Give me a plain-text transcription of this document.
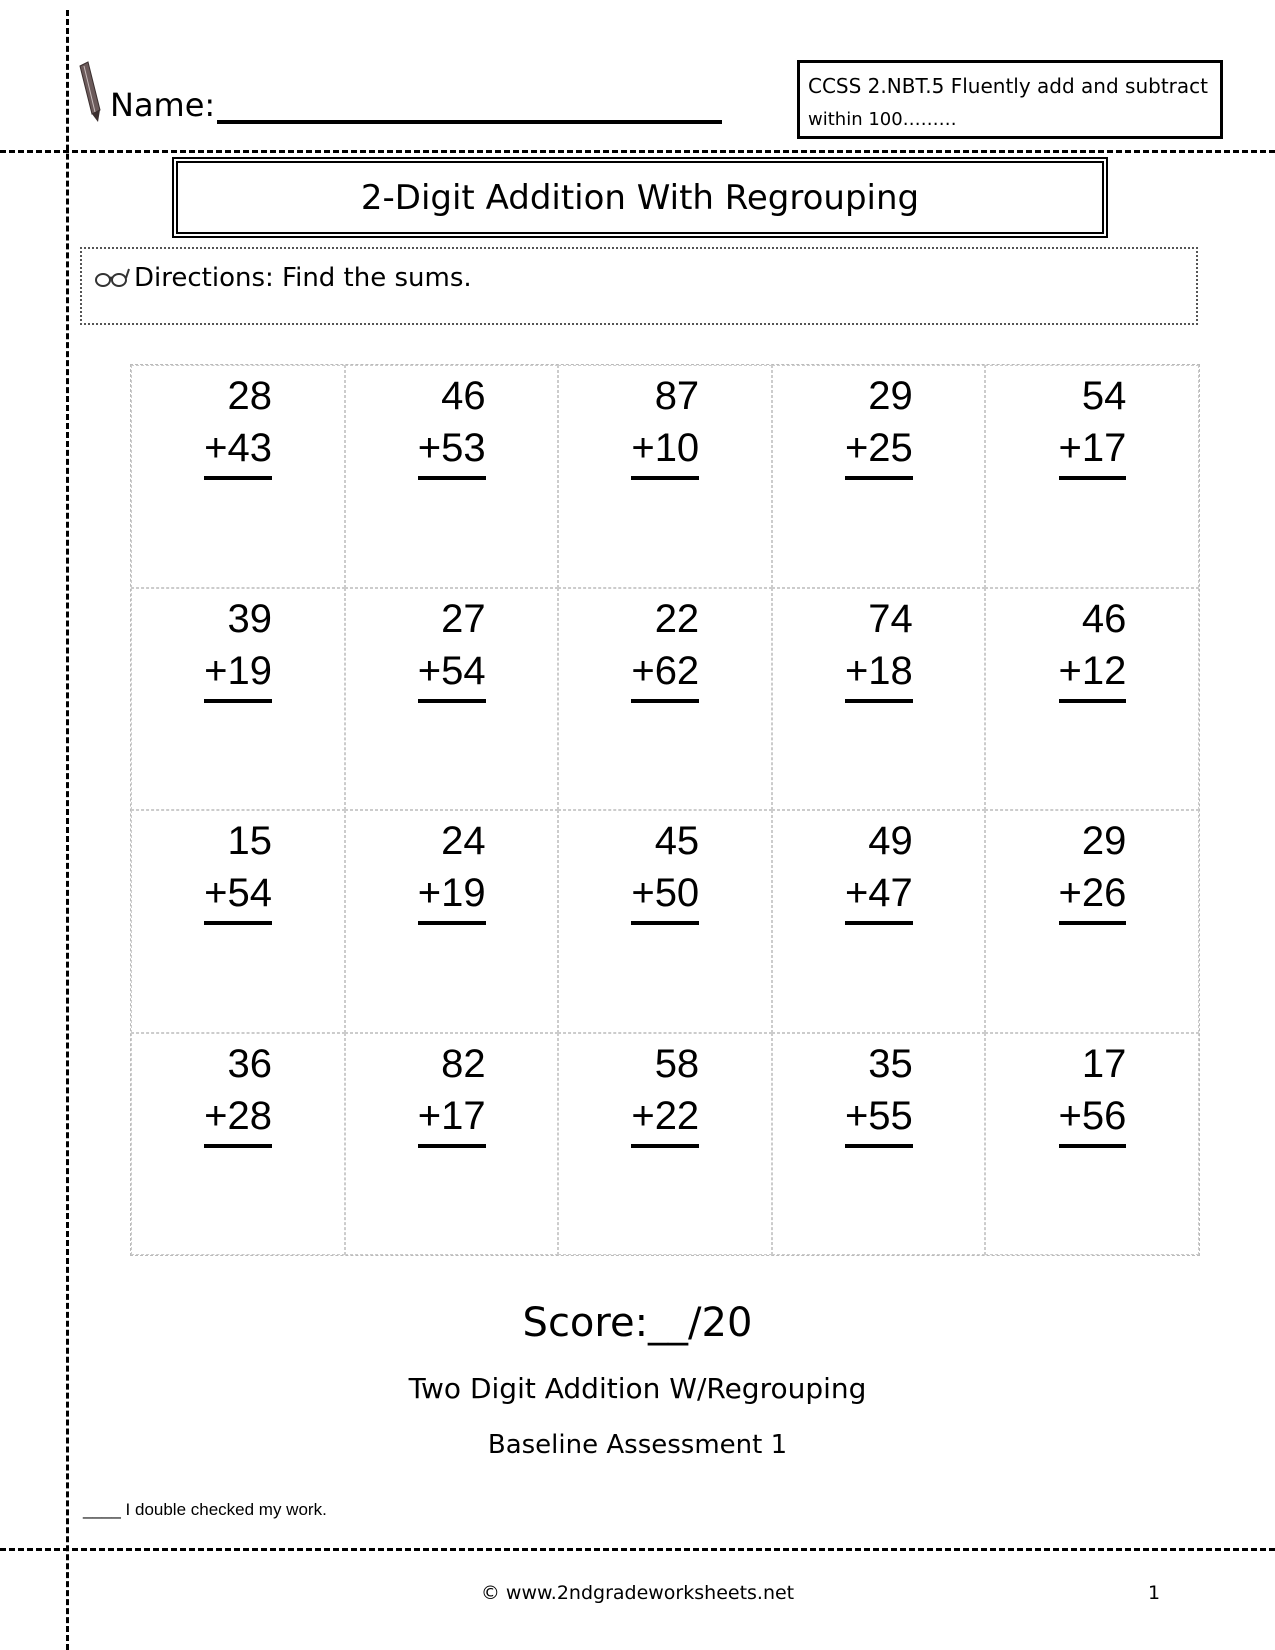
Name:	CCSS 2.NBT.5 Fluently add and subtract
within 100………
2-Digit Addition With Regrouping
Directions: Find the sums.
28
+43
46
+53
87
+10
29
+25
54
+17
39
+19
27
+54
22
+62
74
+18
46
+12
15
+54
24
+19
45
+50
49
+47
29
+26
36
+28
82
+17
58
+22
35
+55
17
+56
Score:__/20
Two Digit Addition W/Regrouping
Baseline Assessment 1
____ I double checked my work.
© www.2ndgradeworksheets.net	1
